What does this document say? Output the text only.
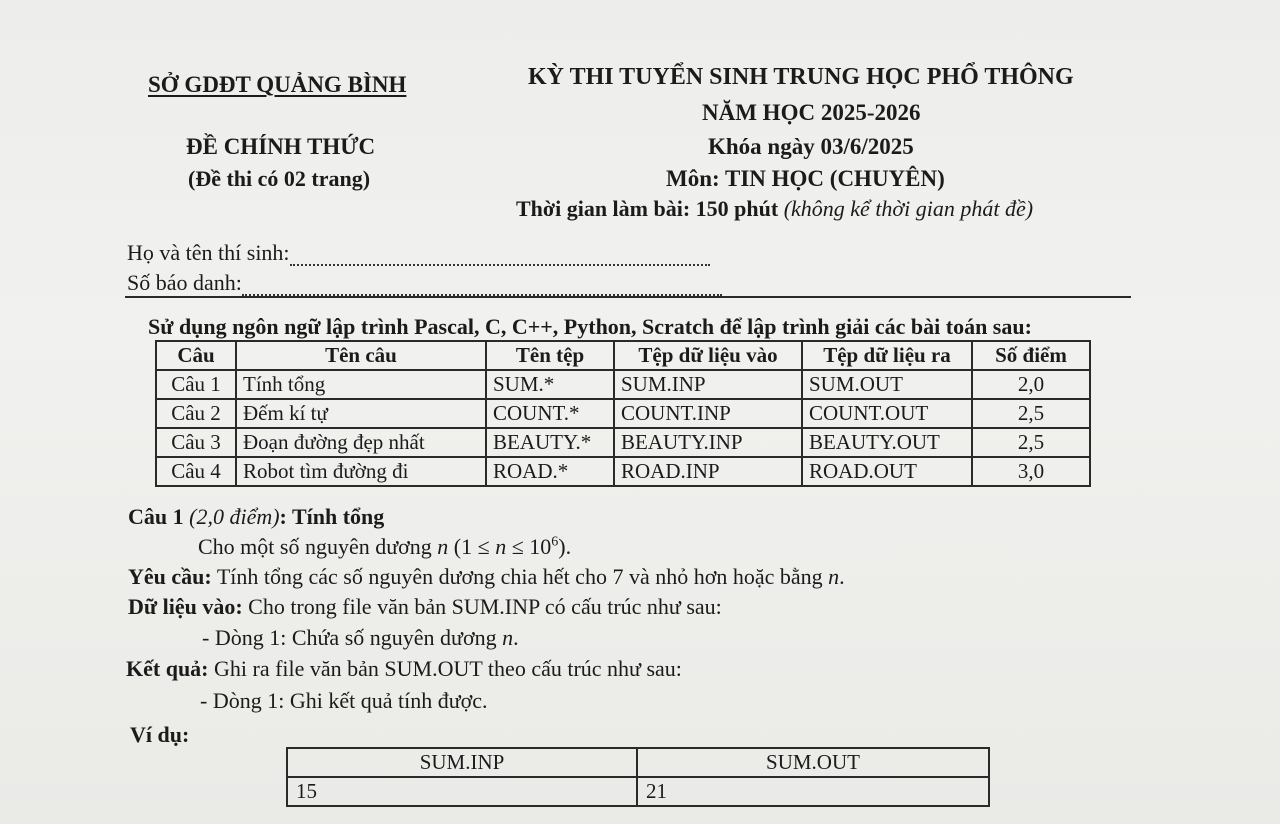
SỞ GDĐT QUẢNG BÌNH	KỲ THI TUYỂN SINH TRUNG HỌC PHỔ THÔNG
NĂM HỌC 2025-2026
ĐỀ CHÍNH THỨC	Khóa ngày 03/6/2025
(Đề thi có 02 trang)	Môn: TIN HỌC (CHUYÊN)
Thời gian làm bài: 150 phút (không kể thời gian phát đề)
Họ và tên thí sinh:
Số báo danh:
Sử dụng ngôn ngữ lập trình Pascal, C, C++, Python, Scratch để lập trình giải các bài toán sau:
Câu	Tên câu	Tên tệp	Tệp dữ liệu vào	Tệp dữ liệu ra	Số điểm
Câu 1	Tính tổng	SUM.*	SUM.INP	SUM.OUT	2,0
Câu 2	Đếm kí tự	COUNT.*	COUNT.INP	COUNT.OUT	2,5
Câu 3	Đoạn đường đẹp nhất	BEAUTY.*	BEAUTY.INP	BEAUTY.OUT	2,5
Câu 4	Robot tìm đường đi	ROAD.*	ROAD.INP	ROAD.OUT	3,0
Câu 1 (2,0 điểm): Tính tổng
Cho một số nguyên dương n $(1 \le n \le 10^6)$.
Yêu cầu: Tính tổng các số nguyên dương chia hết cho 7 và nhỏ hơn hoặc bằng n.
Dữ liệu vào: Cho trong file văn bản SUM.INP có cấu trúc như sau:
- Dòng 1: Chứa số nguyên dương n.
Kết quả: Ghi ra file văn bản SUM.OUT theo cấu trúc như sau:
- Dòng 1: Ghi kết quả tính được.
Ví dụ:
SUM.INP	SUM.OUT
15	21
